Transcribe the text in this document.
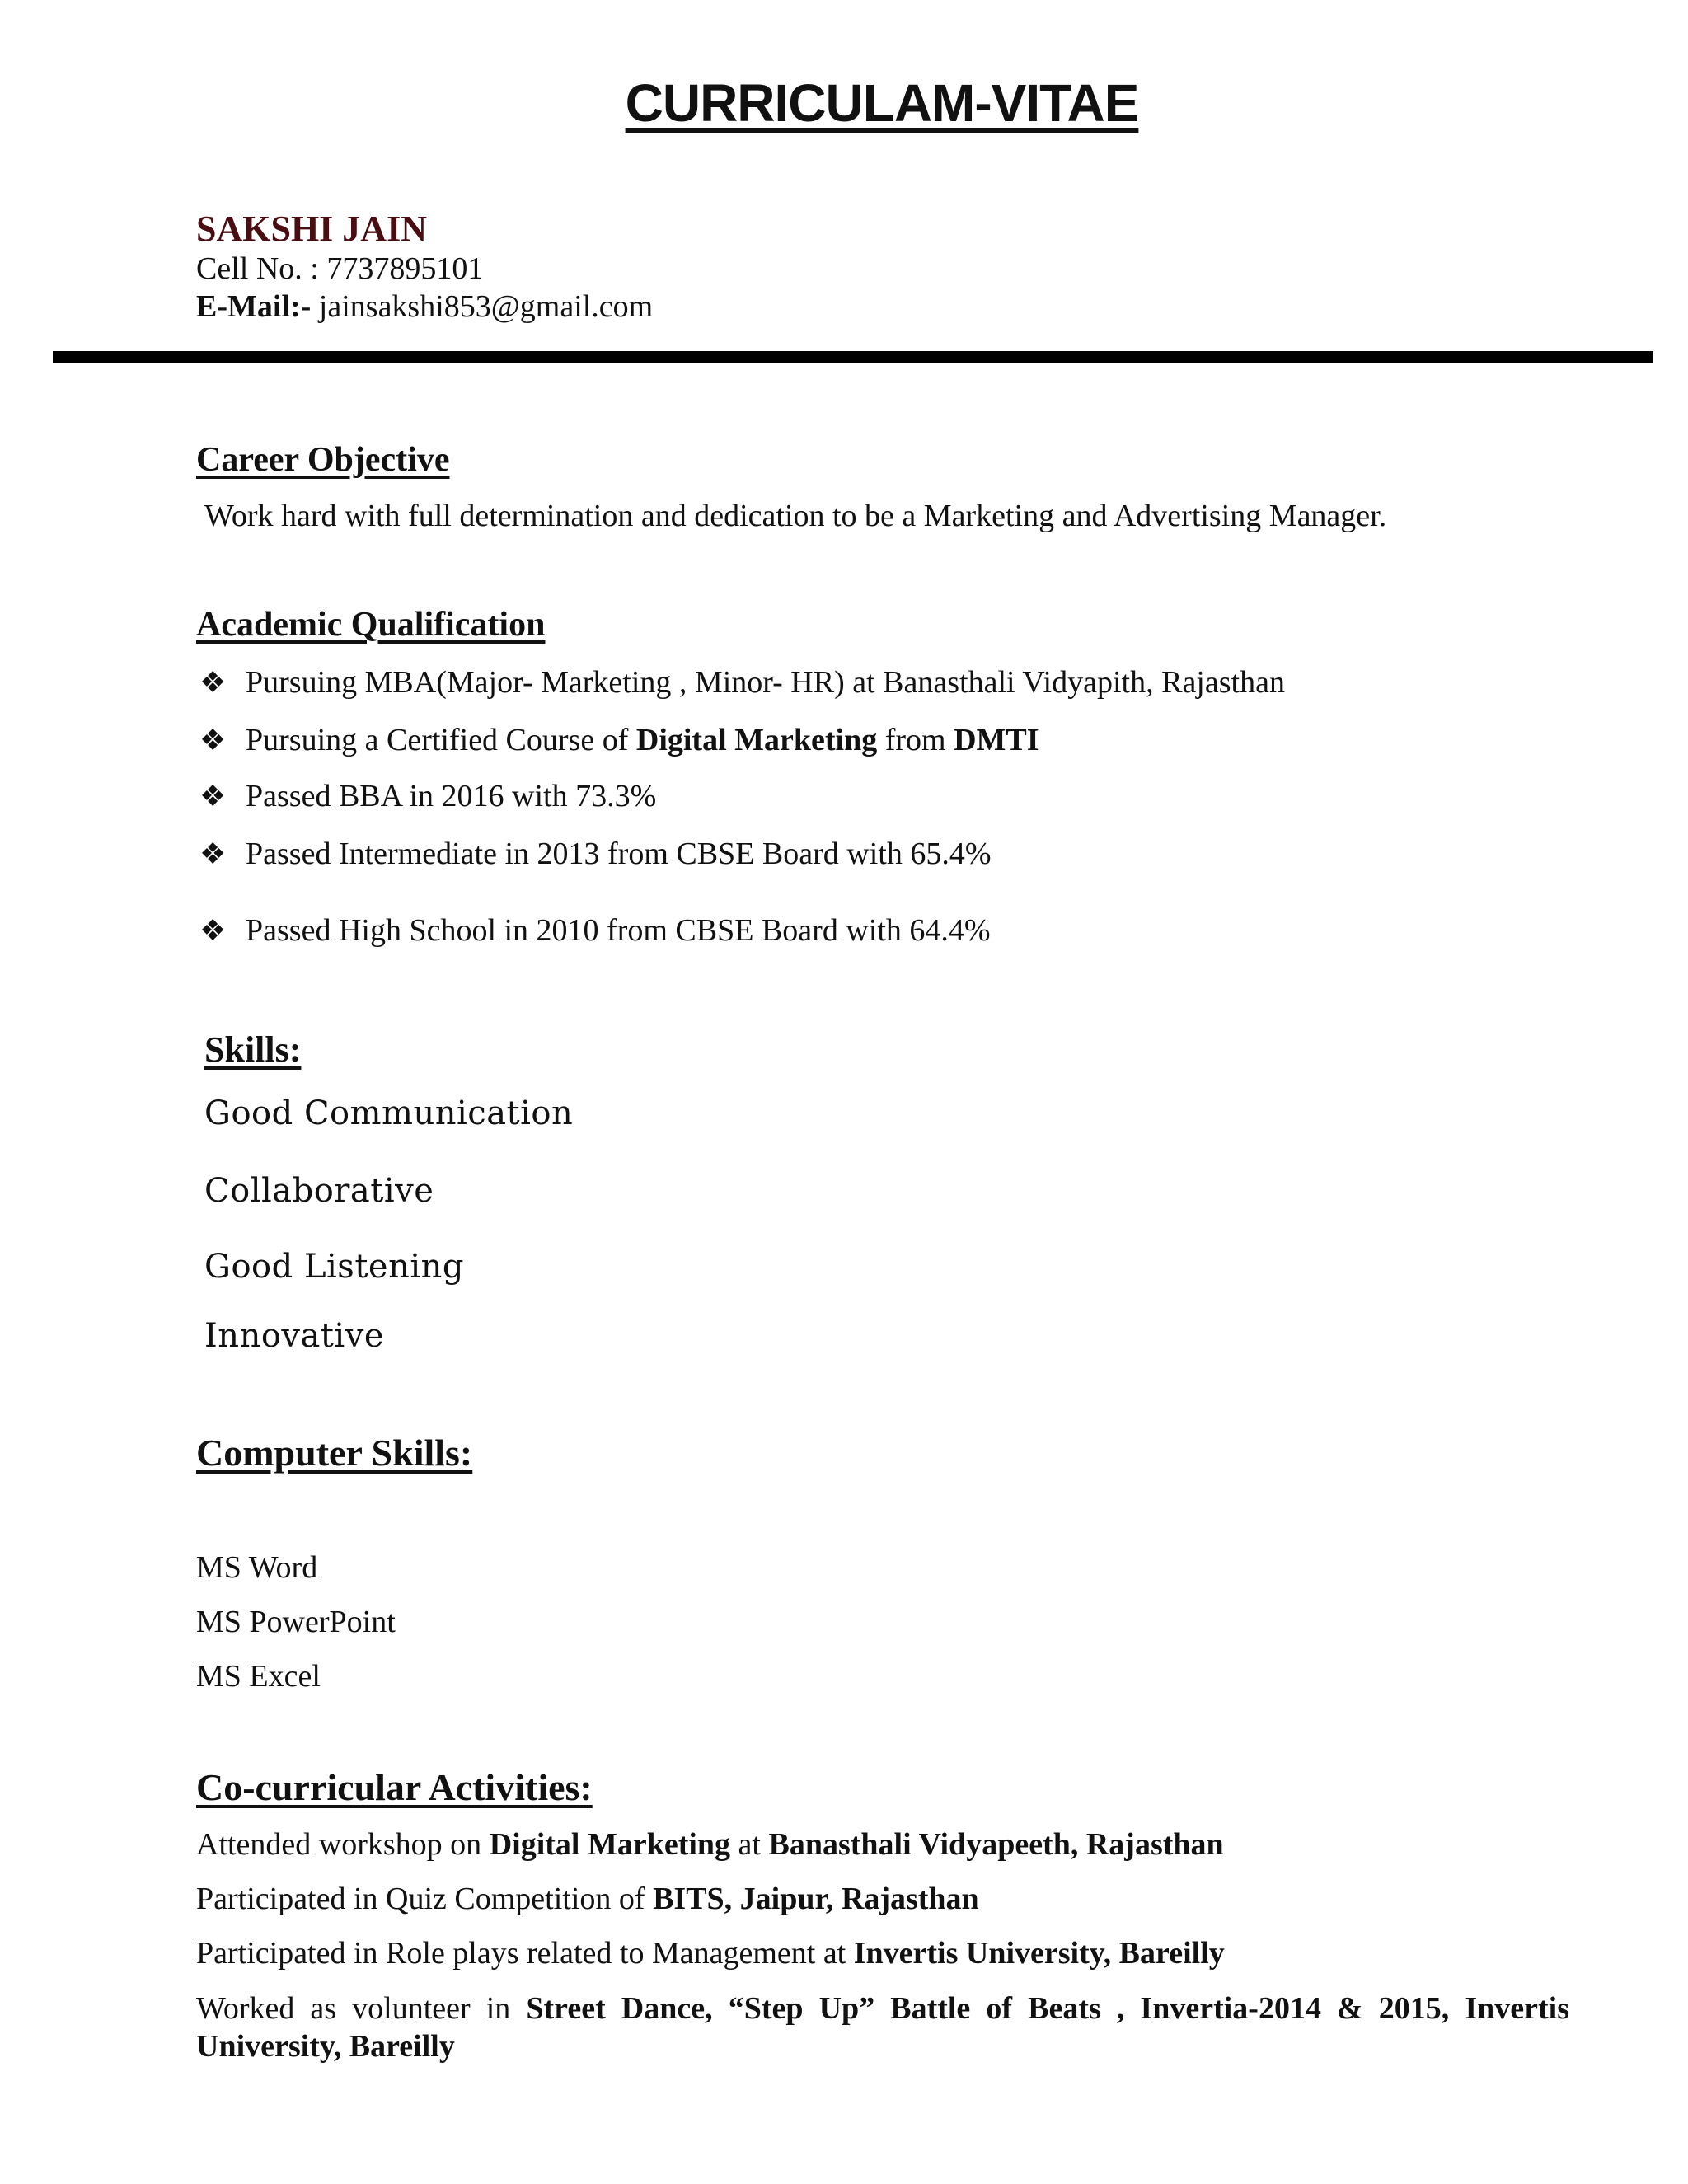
CURRICULAM-VITAE
SAKSHI JAIN
Cell No. : 7737895101
E-Mail:- jainsakshi853@gmail.com
Career Objective
Work hard with full determination and dedication to be a Marketing and Advertising Manager.
Academic Qualification
❖ Pursuing MBA(Major- Marketing , Minor- HR) at Banasthali Vidyapith, Rajasthan
❖ Pursuing a Certified Course of Digital Marketing from DMTI
❖ Passed BBA in 2016 with 73.3%
❖ Passed Intermediate in 2013 from CBSE Board with 65.4%
❖ Passed High School in 2010 from CBSE Board with 64.4%
Skills:
Good Communication
Collaborative
Good Listening
Innovative
Computer Skills:
MS Word
MS PowerPoint
MS Excel
Co-curricular Activities:
Attended workshop on Digital Marketing at Banasthali Vidyapeeth, Rajasthan
Participated in Quiz Competition of BITS, Jaipur, Rajasthan
Participated in Role plays related to Management at Invertis University, Bareilly
Worked as volunteer in Street Dance, “Step Up” Battle of Beats , Invertia-2014 & 2015, Invertis University, Bareilly
